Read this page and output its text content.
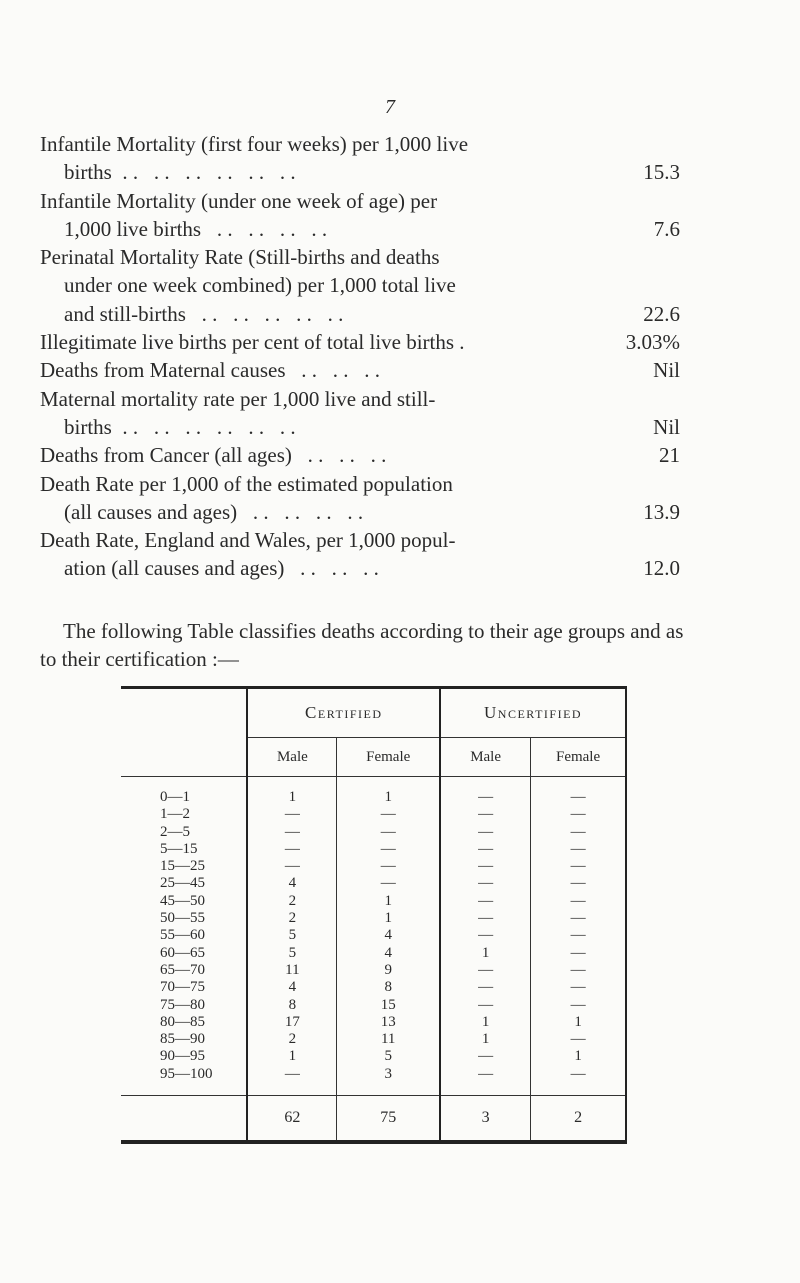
7
Infantile Mortality (first four weeks) per 1,000 live
births  . .   . .   . .   . .   . .   . .	15.3
Infantile Mortality (under one week of age) per
1,000 live births   . .   . .   . .   . .	7.6
Perinatal Mortality Rate (Still-births and deaths
under one week combined) per 1,000 total live
and still-births   . .   . .   . .   . .   . .	22.6
Illegitimate live births per cent of total live births .	3.03%
Deaths from Maternal causes   . .   . .   . .	Nil
Maternal mortality rate per 1,000 live and still-
births  . .   . .   . .   . .   . .   . .	Nil
Deaths from Cancer (all ages)   . .   . .   . .	21
Death Rate per 1,000 of the estimated population
(all causes and ages)   . .   . .   . .   . .	13.9
Death Rate, England and Wales, per 1,000 popul-
ation (all causes and ages)   . .   . .   . .	12.0
The following Table classifies deaths according to their age groups and as to their certification :—
	Certified		Uncertified	
	Male	Female	Male	Female

0—1	1	1	—	—
1—2	—	—	—	—
2—5	—	—	—	—
5—15	—	—	—	—
15—25	—	—	—	—
25—45	4	—	—	—
45—50	2	1	—	—
50—55	2	1	—	—
55—60	5	4	—	—
60—65	5	4	1	—
65—70	11	9	—	—
70—75	4	8	—	—
75—80	8	15	—	—
80—85	17	13	1	1
85—90	2	11	1	—
90—95	1	5	—	1
95—100	—	3	—	—

	62	75	3	2
